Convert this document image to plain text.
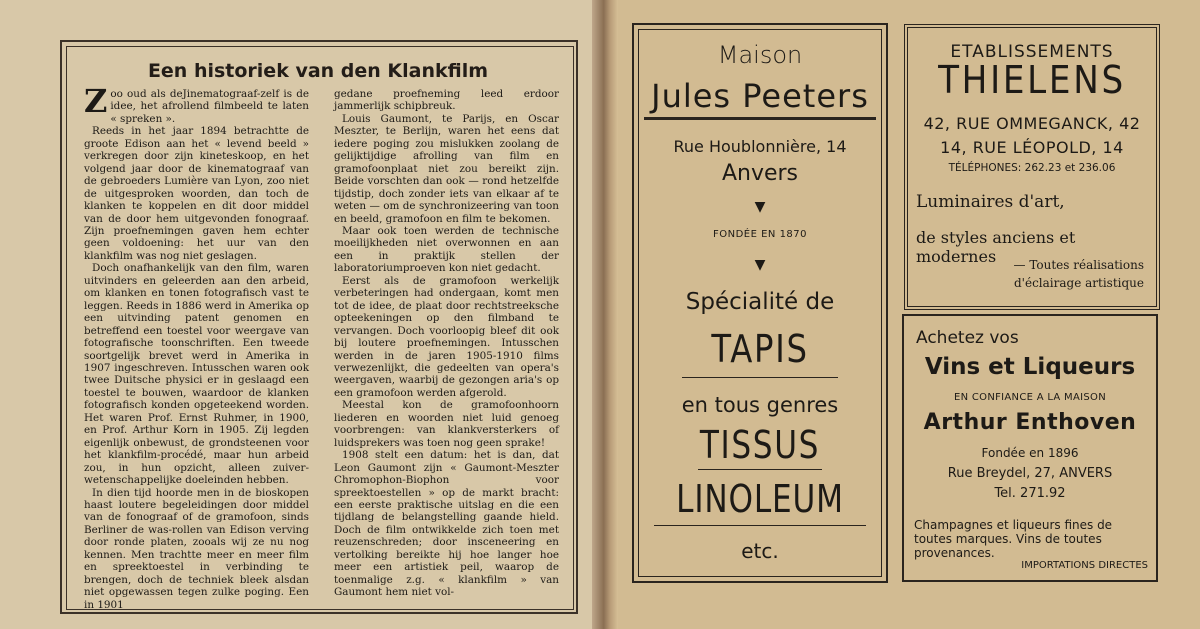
Een historiek van den Klankfilm

Zoo oud als deJinematograaf-zelf is de idee, het afrollend filmbeeld te laten « spreken ».

Reeds in het jaar 1894 betrachtte de groote Edison aan het « levend beeld » verkregen door zijn kineteskoop, en het volgend jaar door de kinematograaf van de gebroeders Lumière van Lyon, zoo niet de uitgesproken woorden, dan toch de klanken te koppelen en dit door middel van de door hem uitgevonden fonograaf. Zijn proefnemingen gaven hem echter geen voldoening: het uur van den klankfilm was nog niet geslagen.

Doch onafhankelijk van den film, waren uitvinders en geleerden aan den arbeid, om klanken en tonen fotografisch vast te leggen. Reeds in 1886 werd in Amerika op een uitvinding patent genomen en betreffend een toestel voor weergave van fotografische toonschriften. Een tweede soortgelijk brevet werd in Amerika in 1907 ingeschreven. Intusschen waren ook twee Duitsche physici er in geslaagd een toestel te bouwen, waardoor de klanken fotografisch konden opgeteekend worden. Het waren Prof. Ernst Ruhmer, in 1900, en Prof. Arthur Korn in 1905. Zij legden eigenlijk onbewust, de grondsteenen voor het klankfilm-procédé, maar hun arbeid zou, in hun opzicht, alleen zuiver-wetenschappelijke doeleinden hebben.

In dien tijd hoorde men in de bioskopen haast loutere begeleidingen door middel van de fonograaf of de gramofoon, sinds Berliner de was-rollen van Edison verving door ronde platen, zooals wij ze nu nog kennen. Men trachtte meer en meer film en spreektoestel in verbinding te brengen, doch de techniek bleek alsdan niet opgewassen tegen zulke poging. Een in 1901

gedane proefneming leed erdoor jammerlijk schipbreuk.

Louis Gaumont, te Parijs, en Oscar Meszter, te Berlijn, waren het eens dat iedere poging zou mislukken zoolang de gelijktijdige afrolling van film en gramofoonplaat niet zou bereikt zijn. Beide vorschten dan ook — rond hetzelfde tijdstip, doch zonder iets van elkaar af te weten — om de synchronizeering van toon en beeld, gramofoon en film te bekomen.

Maar ook toen werden de technische moeilijkheden niet overwonnen en aan een in praktijk stellen der laboratoriumproeven kon niet gedacht.

Eerst als de gramofoon werkelijk verbeteringen had ondergaan, komt men tot de idee, de plaat door rechtstreeksche opteekeningen op den filmband te vervangen. Doch voorloopig bleef dit ook bij loutere proefnemingen. Intusschen werden in de jaren 1905-1910 films verwezenlijkt, die gedeelten van opera's weergaven, waarbij de gezongen aria's op een gramofoon werden afgerold.

Meestal kon de gramofoonhoorn liederen en woorden niet luid genoeg voorbrengen: van klankversterkers of luidsprekers was toen nog geen sprake!

1908 stelt een datum: het is dan, dat Leon Gaumont zijn « Gaumont-Meszter Chromophon-Biophon voor spreektoestellen » op de markt bracht: een eerste praktische uitslag en die een tijdlang de belangstelling gaande hield. Doch de film ontwikkelde zich toen met reuzenschreden; door insceneering en vertolking bereikte hij hoe langer hoe meer een artistiek peil, waarop de toenmalige z.g. « klankfilm » van Gaumont hem niet vol-

Maison
Jules Peeters
Rue Houblonnière, 14
Anvers
▼
FONDÉE EN 1870
▼
Spécialité de
TAPIS
en tous genres
TISSUS
LINOLEUM
etc.
ETABLISSEMENTS
THIELENS
42, RUE OMMEGANCK, 42
14, RUE LÉOPOLD, 14
TÉLÉPHONES: 262.23 et 236.06
Luminaires d'art,
de styles anciens et modernes	— Toutes réalisations
d'éclairage artistique
Achetez vos
Vins et Liqueurs
EN CONFIANCE A LA MAISON
Arthur Enthoven
Fondée en 1896
Rue Breydel, 27, ANVERS
Tel. 271.92
Champagnes et liqueurs fines de
toutes marques. Vins de toutes
provenances.
IMPORTATIONS DIRECTES
